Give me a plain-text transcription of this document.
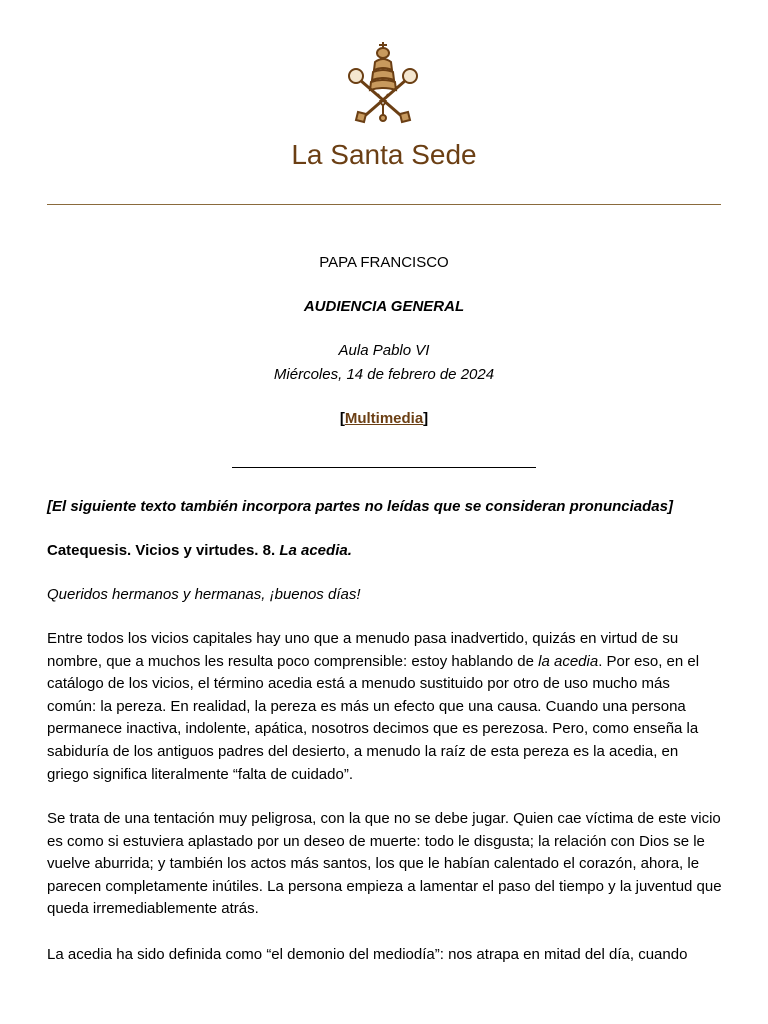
La Santa Sede
PAPA FRANCISCO
AUDIENCIA GENERAL
Aula Pablo VI
Miércoles, 14 de febrero de 2024
[Multimedia]

[El siguiente texto también incorpora partes no leídas que se consideran pronunciadas]

Catequesis. Vicios y virtudes. 8. La acedia.

Queridos hermanos y hermanas, ¡buenos días!

Entre todos los vicios capitales hay uno que a menudo pasa inadvertido, quizás en virtud de su nombre, que a muchos les resulta poco comprensible: estoy hablando de la acedia. Por eso, en el catálogo de los vicios, el término acedia está a menudo sustituido por otro de uso mucho más común: la pereza. En realidad, la pereza es más un efecto que una causa. Cuando una persona permanece inactiva, indolente, apática, nosotros decimos que es perezosa. Pero, como enseña la sabiduría de los antiguos padres del desierto, a menudo la raíz de esta pereza es la acedia, en griego significa literalmente “falta de cuidado”.

Se trata de una tentación muy peligrosa, con la que no se debe jugar. Quien cae víctima de este vicio es como si estuviera aplastado por un deseo de muerte: todo le disgusta; la relación con Dios se le vuelve aburrida; y también los actos más santos, los que le habían calentado el corazón, ahora, le parecen completamente inútiles. La persona empieza a lamentar el paso del tiempo y la juventud que queda irremediablemente atrás.

La acedia ha sido definida como “el demonio del mediodía”: nos atrapa en mitad del día, cuando
